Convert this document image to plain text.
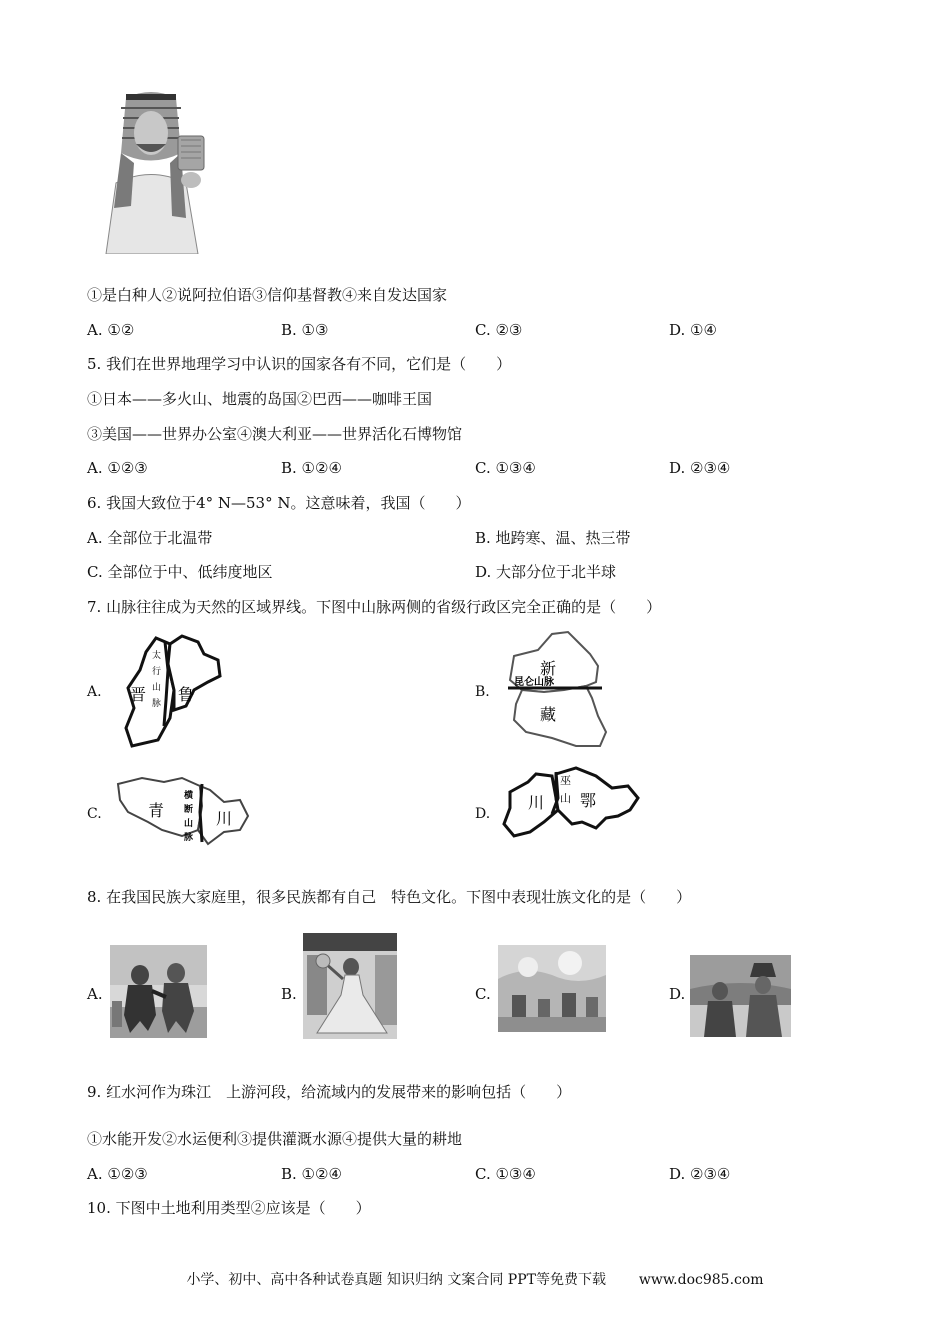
①是白种人②说阿拉伯语③信仰基督教④来自发达国家
A. ①②	B. ①③	C. ②③	D. ①④
5. 我们在世界地理学习中认识的国家各有不同，它们是（　　）
①日本——多火山、地震的岛国②巴西——咖啡王国
③美国——世界办公室④澳大利亚——世界活化石博物馆
A. ①②③	B. ①②④	C. ①③④	D. ②③④
6. 我国大致位于4° N—53° N。这意味着，我国（　　）
A. 全部位于北温带	B. 地跨寒、温、热三带
C. 全部位于中、低纬度地区	D. 大部分位于北半球
7. 山脉往往成为天然的区域界线。下图中山脉两侧的省级行政区完全正确的是（　　）
A. 晋 鲁
太
行
山
脉
B.
新
藏
昆仑山脉
C.	青	川
横
断
山
脉
D.
川 鄂
巫
山
8. 在我国民族大家庭里，很多民族都有自己　特色文化。下图中表现壮族文化的是（　　）
A.	B.	C.	D.
9. 红水河作为珠江　上游河段，给流域内的发展带来的影响包括（　　）
①水能开发②水运便利③提供灌溉水源④提供大量的耕地
A. ①②③	B. ①②④	C. ①③④	D. ②③④
10. 下图中土地利用类型②应该是（　　）
小学、初中、高中各种试卷真题 知识归纳 文案合同 PPT等免费下载 www.doc985.com
